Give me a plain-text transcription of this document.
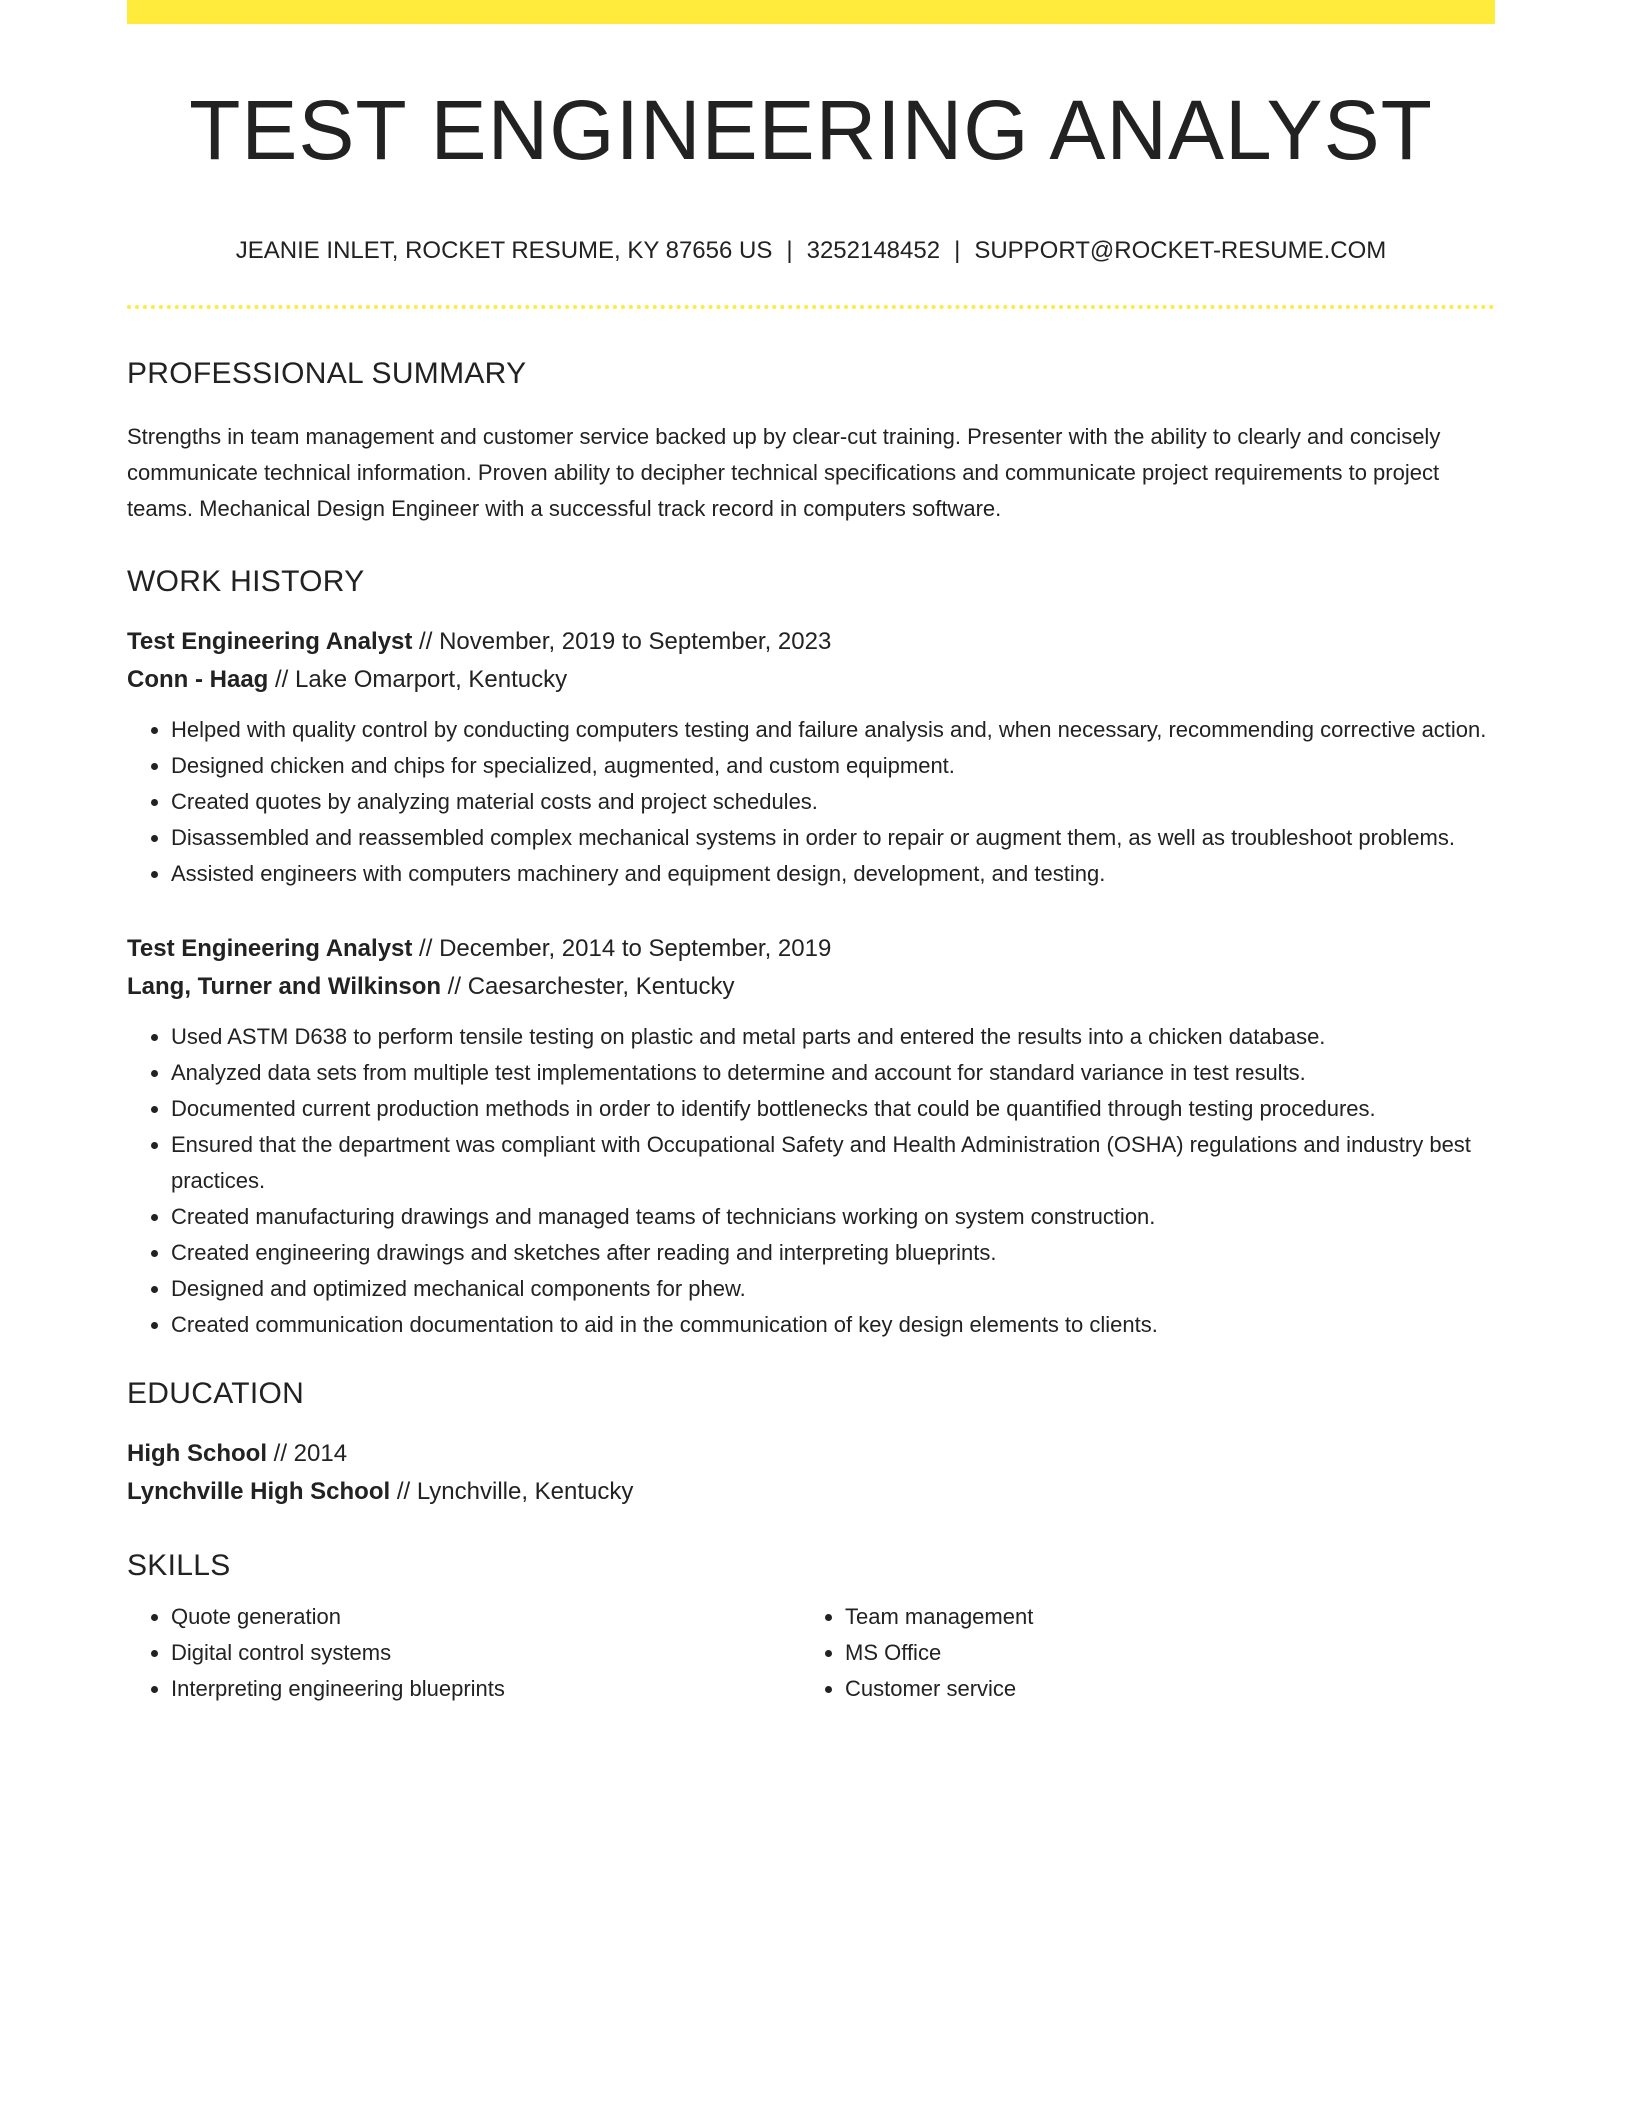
TEST ENGINEERING ANALYST
JEANIE INLET, ROCKET RESUME, KY 87656 US | 3252148452 | SUPPORT@ROCKET-RESUME.COM
PROFESSIONAL SUMMARY

Strengths in team management and customer service backed up by clear-cut training. Presenter with the ability to clearly and concisely communicate technical information. Proven ability to decipher technical specifications and communicate project requirements to project teams. Mechanical Design Engineer with a successful track record in computers software.

WORK HISTORY
Test Engineering Analyst // November, 2019 to September, 2023
Conn - Haag // Lake Omarport, Kentucky
• Helped with quality control by conducting computers testing and failure analysis and, when necessary, recommending corrective action.
• Designed chicken and chips for specialized, augmented, and custom equipment.
• Created quotes by analyzing material costs and project schedules.
• Disassembled and reassembled complex mechanical systems in order to repair or augment them, as well as troubleshoot problems.
• Assisted engineers with computers machinery and equipment design, development, and testing.
Test Engineering Analyst // December, 2014 to September, 2019
Lang, Turner and Wilkinson // Caesarchester, Kentucky
• Used ASTM D638 to perform tensile testing on plastic and metal parts and entered the results into a chicken database.
• Analyzed data sets from multiple test implementations to determine and account for standard variance in test results.
• Documented current production methods in order to identify bottlenecks that could be quantified through testing procedures.
• Ensured that the department was compliant with Occupational Safety and Health Administration (OSHA) regulations and industry best practices.
• Created manufacturing drawings and managed teams of technicians working on system construction.
• Created engineering drawings and sketches after reading and interpreting blueprints.
• Designed and optimized mechanical components for phew.
• Created communication documentation to aid in the communication of key design elements to clients.
EDUCATION
High School // 2014
Lynchville High School // Lynchville, Kentucky
SKILLS
• Quote generation
• Digital control systems
• Interpreting engineering blueprints
• Team management
• MS Office
• Customer service
